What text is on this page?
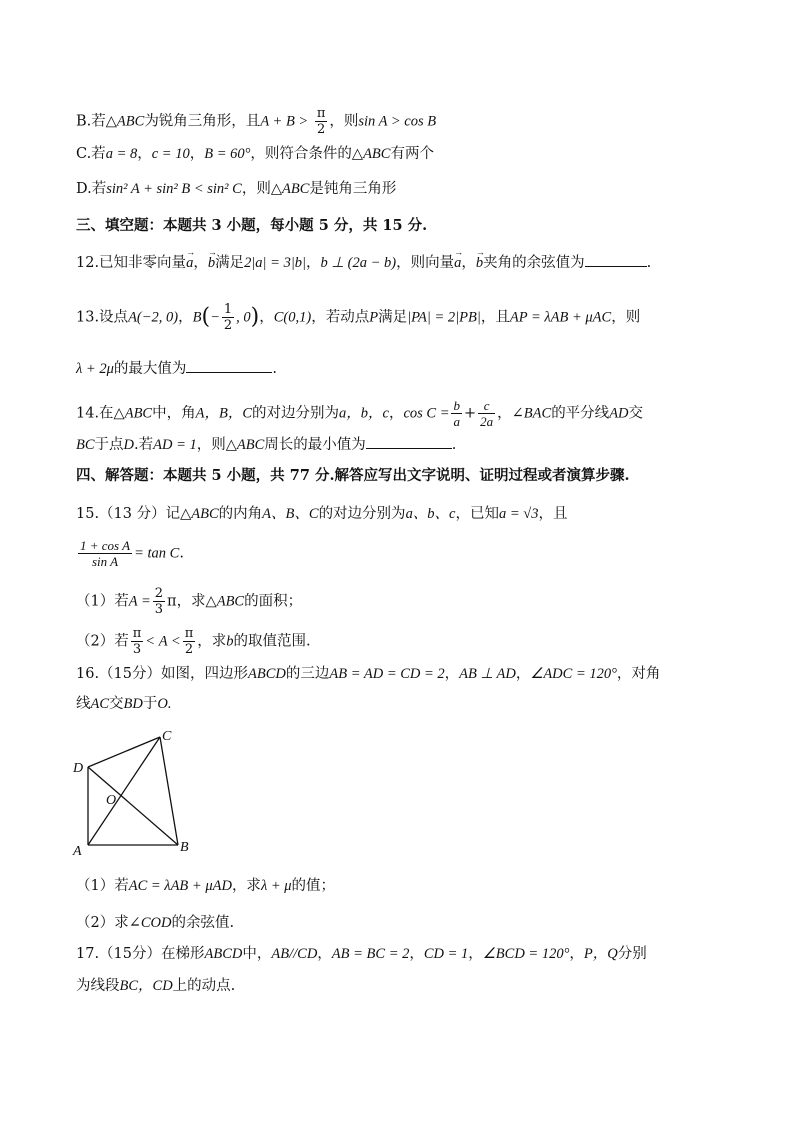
B.若△ABC为锐角三角形，且$A + B > \frac{\pi}{2}$ ，则sin A > cos B
C.若a = 8，c = 10，B = 60°，则符合条件的△ABC有两个
D.若sin² A + sin² B < sin² C，则△ABC是钝角三角形
三、填空题：本题共 3 小题，每小题 5 分，共 15 分.
12.已知非零向量→ a，→ b满足2|a| = 3|b|，b ⊥ (2a − b)，则向量→ a，→ b夹角的余弦值为	.
13.设点A(−2, 0)，$B(- \frac{1}{2}$ , 0)，C(0,1)，若动点P满足|PA| = 2|PB|，且AP = λAB + μAC，则
λ + 2μ的最大值为	.
14.在△ABC中，角A，B，C的对边分别为a，b，c，$\cos C = \frac{b}{a} + \frac{c}{2a}$ ，∠BAC的平分线AD交
BC于点D.若AD = 1，则△ABC周长的最小值为	.
四、解答题：本题共 5 小题，共 77 分.解答应写出文字说明、证明过程或者演算步骤.
15.（13 分）记△ABC的内角A、B、C的对边分别为a、b、c，已知a = √3，且
$\frac{\text{1 + cos A}}{\text{sin A}} = \tan C$.
（1）若$A = \frac{2}{3}$ π，求△ABC的面积；
（2）若 $\frac{\pi}{3} < A < \frac{\pi}{2}$ ，求b的取值范围.
16.（15分）如图，四边形ABCD的三边AB = AD = CD = 2，AB ⊥ AD，∠ADC = 120°，对角
线AC交BD于O.
C
D
O
A	B
（1）若AC = λAB + μAD，求λ + μ的值；
（2）求∠COD的余弦值.
17.（15分）在梯形ABCD中，AB//CD，AB = BC = 2，CD = 1，∠BCD = 120°，P，Q分别
为线段BC，CD上的动点.
